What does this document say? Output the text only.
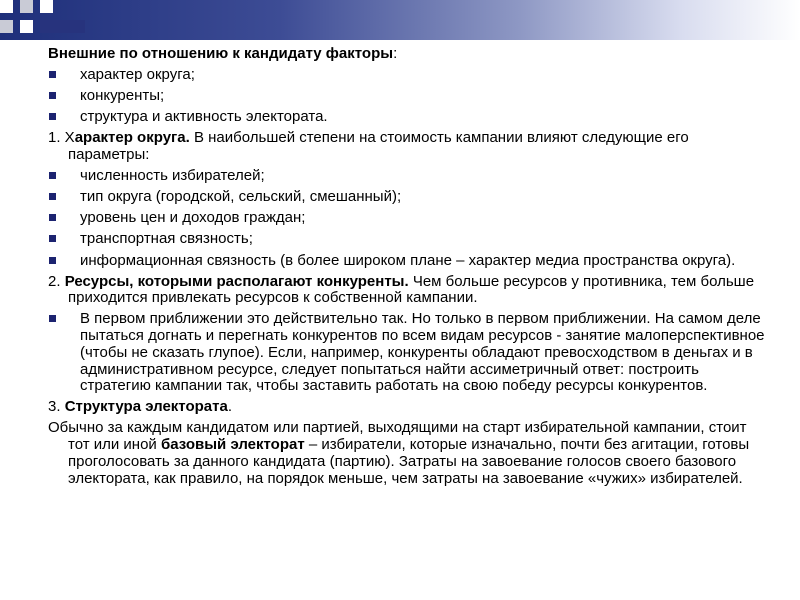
Внешние по отношению к кандидату факторы:

характер округа;
конкуренты;
структура и активность электората.

1. Характер округа. В наибольшей степени на стоимость кампании влияют следующие его параметры:

численность избирателей;
тип округа (городской, сельский, смешанный);
уровень цен и доходов граждан;
транспортная связность;
информационная связность (в более широком плане – характер медиа пространства округа).

2. Ресурсы, которыми располагают конкуренты. Чем больше ресурсов у противника, тем больше приходится привлекать ресурсов к собственной кампании.

В первом приближении это действительно так. Но только в первом приближении. На самом деле пытаться догнать и перегнать конкурентов по всем видам ресурсов - занятие малоперспективное (чтобы не сказать глупое). Если, например, конкуренты обладают превосходством в деньгах и в административном ресурсе, следует попытаться найти ассиметричный ответ: построить стратегию кампании так, чтобы заставить работать на свою победу ресурсы конкурентов.

3. Структура электората.

Обычно за каждым кандидатом или партией, выходящими на старт избирательной кампании, стоит тот или иной базовый электорат – избиратели, которые изначально, почти без агитации, готовы проголосовать за данного кандидата (партию). Затраты на завоевание голосов своего базового электората, как правило, на порядок меньше, чем затраты на завоевание «чужих» избирателей.
